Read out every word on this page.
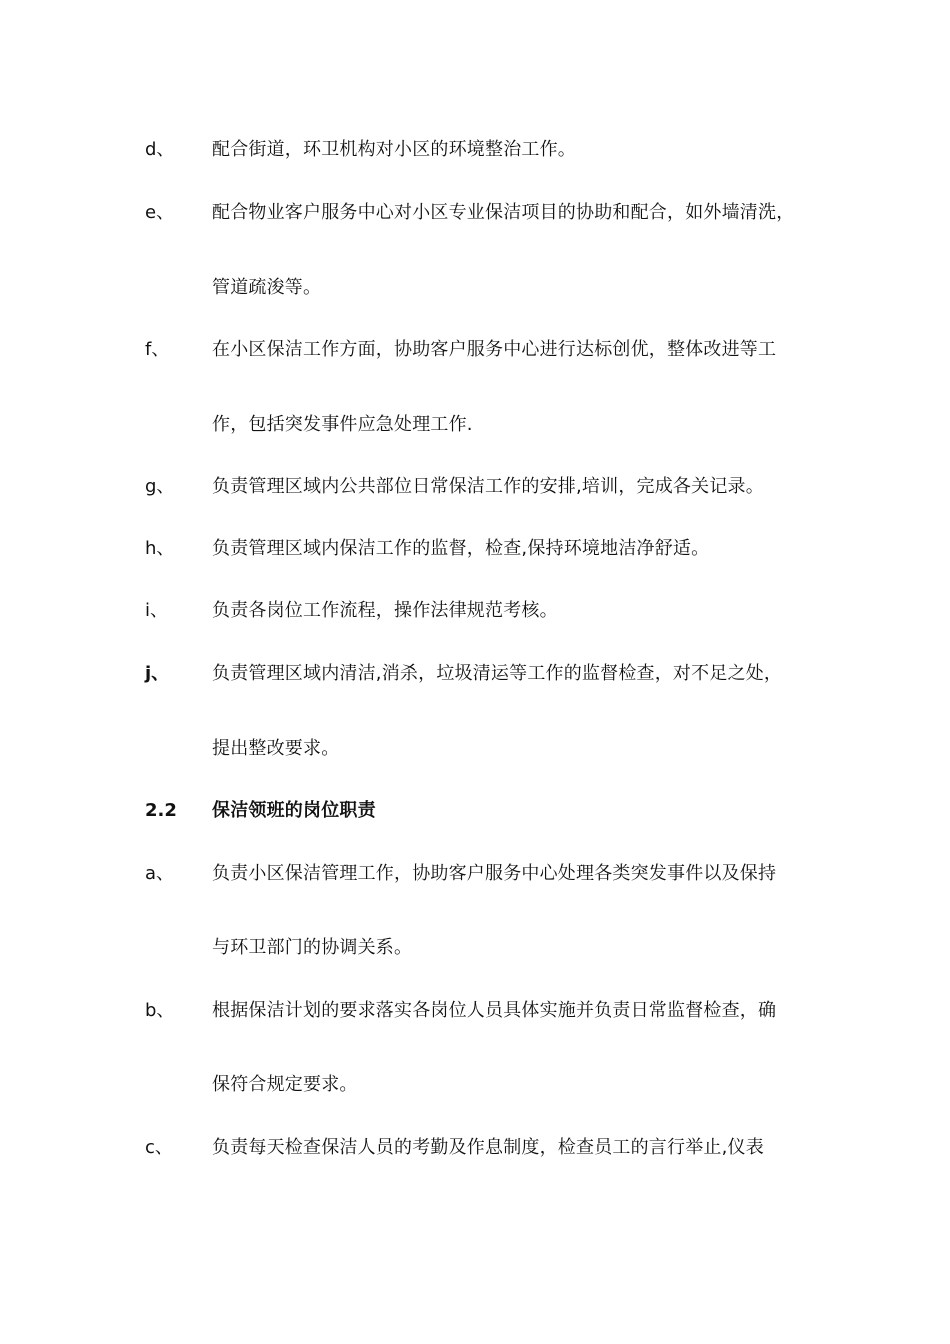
d、 配合街道，环卫机构对小区的环境整治工作。
e、 配合物业客户服务中心对小区专业保洁项目的协助和配合，如外墙清洗，
管道疏浚等。
f、 在小区保洁工作方面，协助客户服务中心进行达标创优，整体改进等工
作，包括突发事件应急处理工作.
g、 负责管理区域内公共部位日常保洁工作的安排,培训，完成各关记录。
h、 负责管理区域内保洁工作的监督，检查,保持环境地洁净舒适。
i、 负责各岗位工作流程，操作法律规范考核。
j、 负责管理区域内清洁,消杀，垃圾清运等工作的监督检查，对不足之处，
提出整改要求。
2.2 保洁领班的岗位职责
a、 负责小区保洁管理工作，协助客户服务中心处理各类突发事件以及保持
与环卫部门的协调关系。
b、 根据保洁计划的要求落实各岗位人员具体实施并负责日常监督检查，确
保符合规定要求。
c、 负责每天检查保洁人员的考勤及作息制度，检查员工的言行举止,仪表
